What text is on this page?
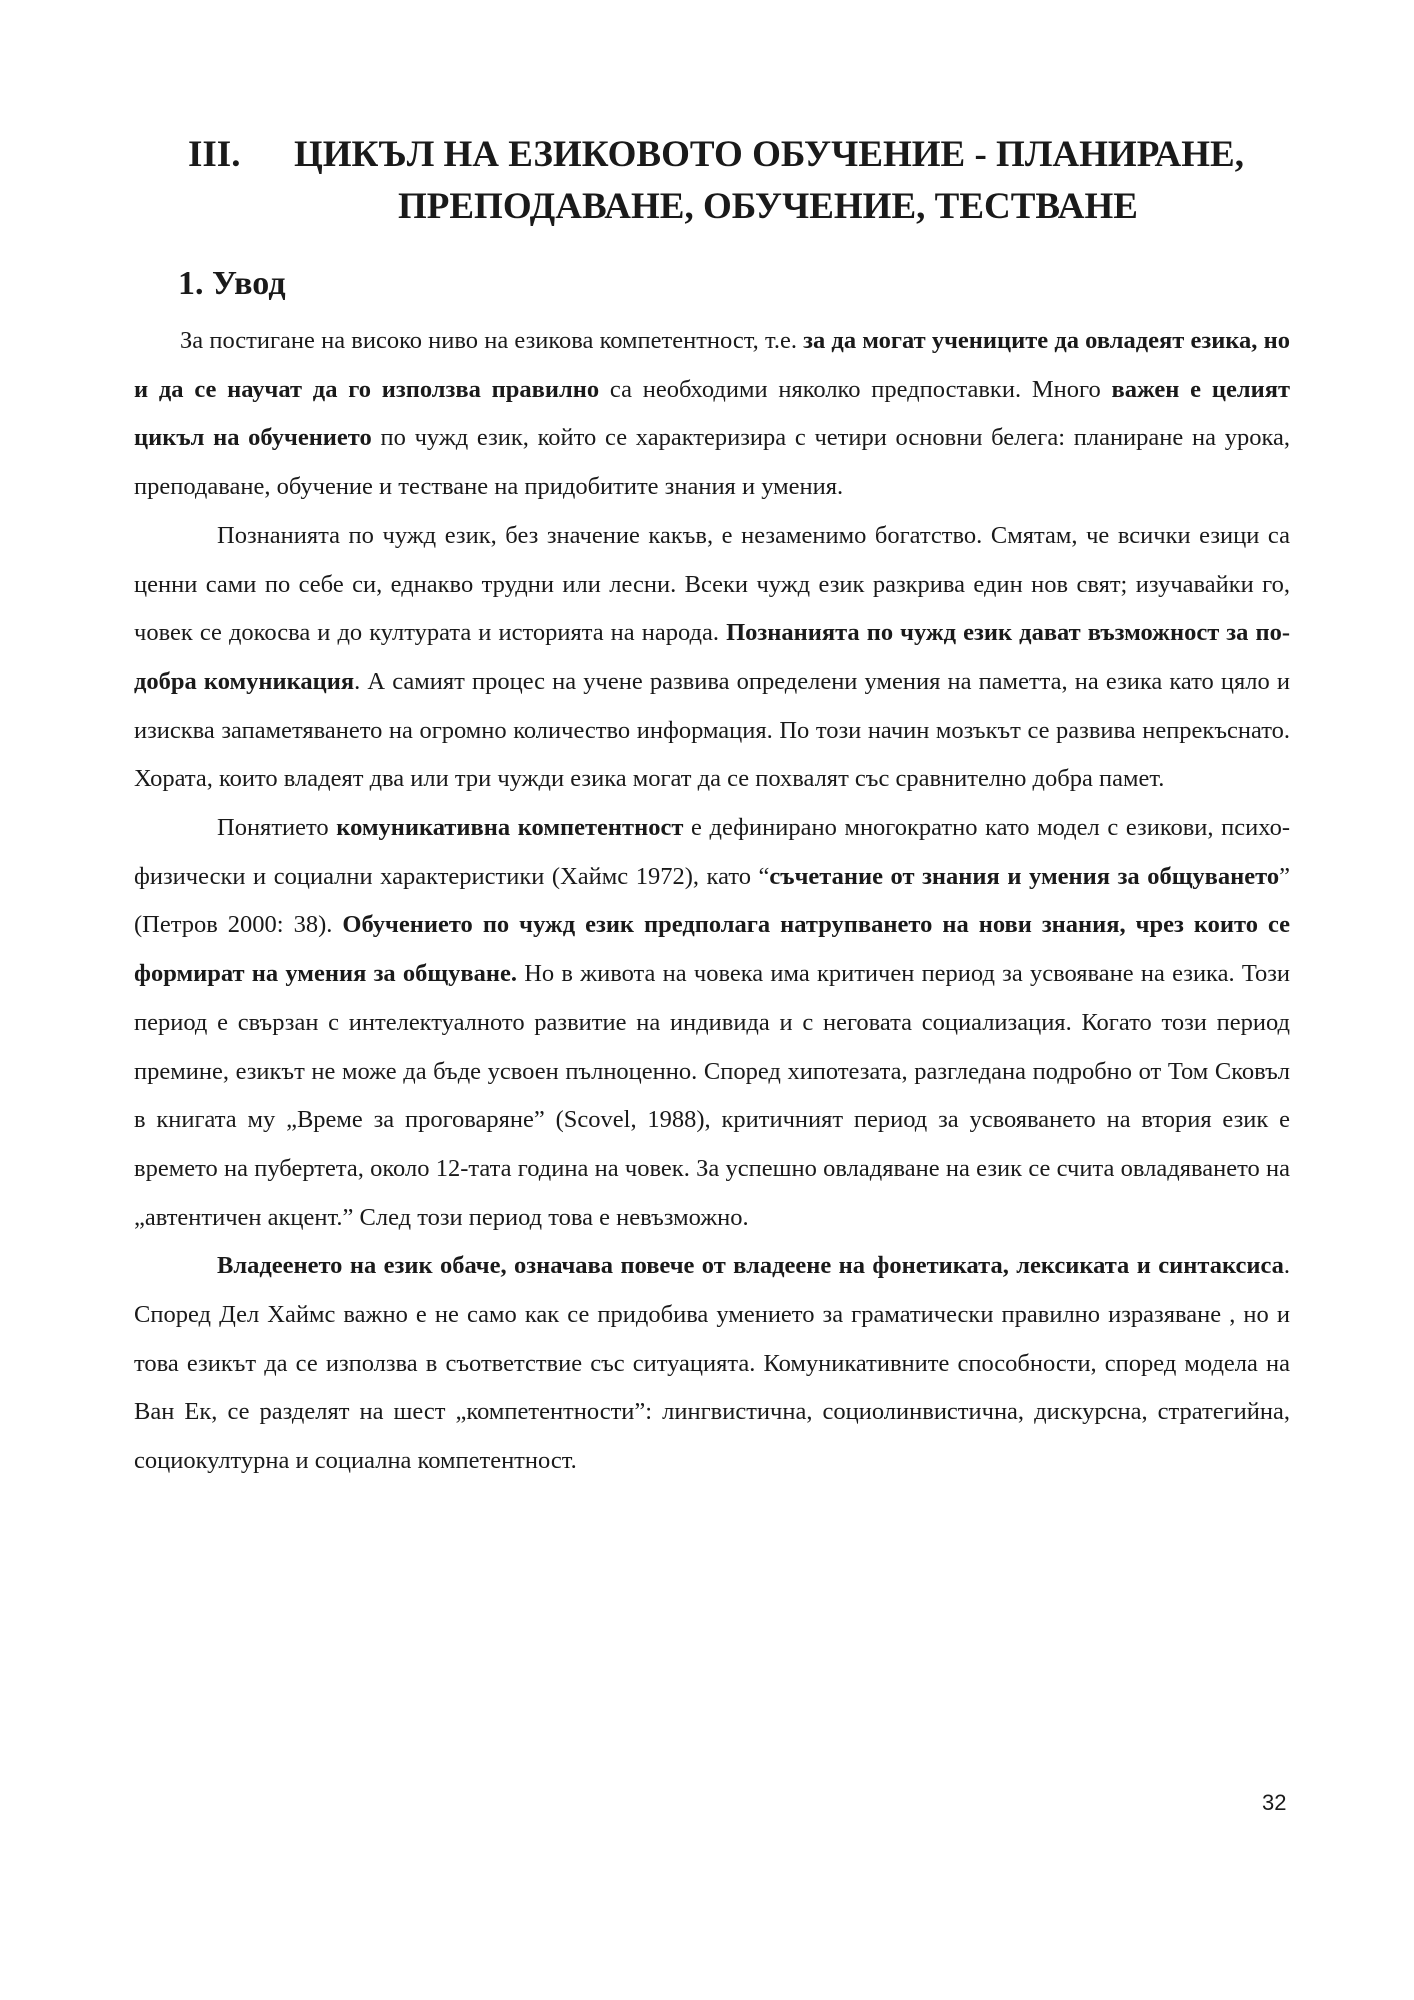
III. ЦИКЪЛ НА ЕЗИКОВОТО ОБУЧЕНИЕ - ПЛАНИРАНЕ,
ПРЕПОДАВАНЕ, ОБУЧЕНИЕ, ТЕСТВАНЕ
1. Увод

За постигане на високо ниво на езикова компетентност, т.е. за да могат учениците да овладеят езика, но и да се научат да го използва правилно са необходими няколко предпоставки. Много важен е целият цикъл на обучението по чужд език, който се характеризира с четири основни белега: планиране на урока, преподаване, обучение и тестване на придобитите знания и умения.

Познанията по чужд език, без значение какъв, е незаменимо богатство. Смятам, че всички езици са ценни сами по себе си, еднакво трудни или лесни. Всеки чужд език разкрива един нов свят; изучавайки го, човек се докосва и до културата и историята на народа. Познанията по чужд език дават възможност за по-добра комуникация. А самият процес на учене развива определени умения на паметта, на езика като цяло и изисква запаметяването на огромно количество информация. По този начин мозъкът се развива непрекъснато. Хората, които владеят два или три чужди езика могат да се похвалят със сравнително добра памет.

Понятието комуникативна компетентност е дефинирано многократно като модел с езикови, психо-физически и социални характеристики (Хаймс 1972), като “съчетание от знания и умения за общуването” (Петров 2000: 38). Обучението по чужд език предполага натрупването на нови знания, чрез които се формират на умения за общуване. Но в живота на човека има критичен период за усвояване на езика. Този период е свързан с интелектуалното развитие на индивида и с неговата социализация. Когато този период премине, езикът не може да бъде усвоен пълноценно. Според хипотезата, разгледана подробно от Том Сковъл в книгата му „Време за проговаряне” (Scovel, 1988), критичният период за усвояването на втория език е времето на пубертета, около 12-тата година на човек. За успешно овладяване на език се счита овладяването на „автентичен акцент.” След този период това е невъзможно.

Владеенето на език обаче, означава повече от владеене на фонетиката, лексиката и синтаксиса. Според Дел Хаймс важно е не само как се придобива умението за граматически правилно изразяване , но и това езикът да се използва в съответствие със ситуацията. Комуникативните способности, според модела на Ван Ек, се разделят на шест „компетентности”: лингвистична, социолинвистична, дискурсна, стратегийна, социокултурна и социална компетентност.

32
